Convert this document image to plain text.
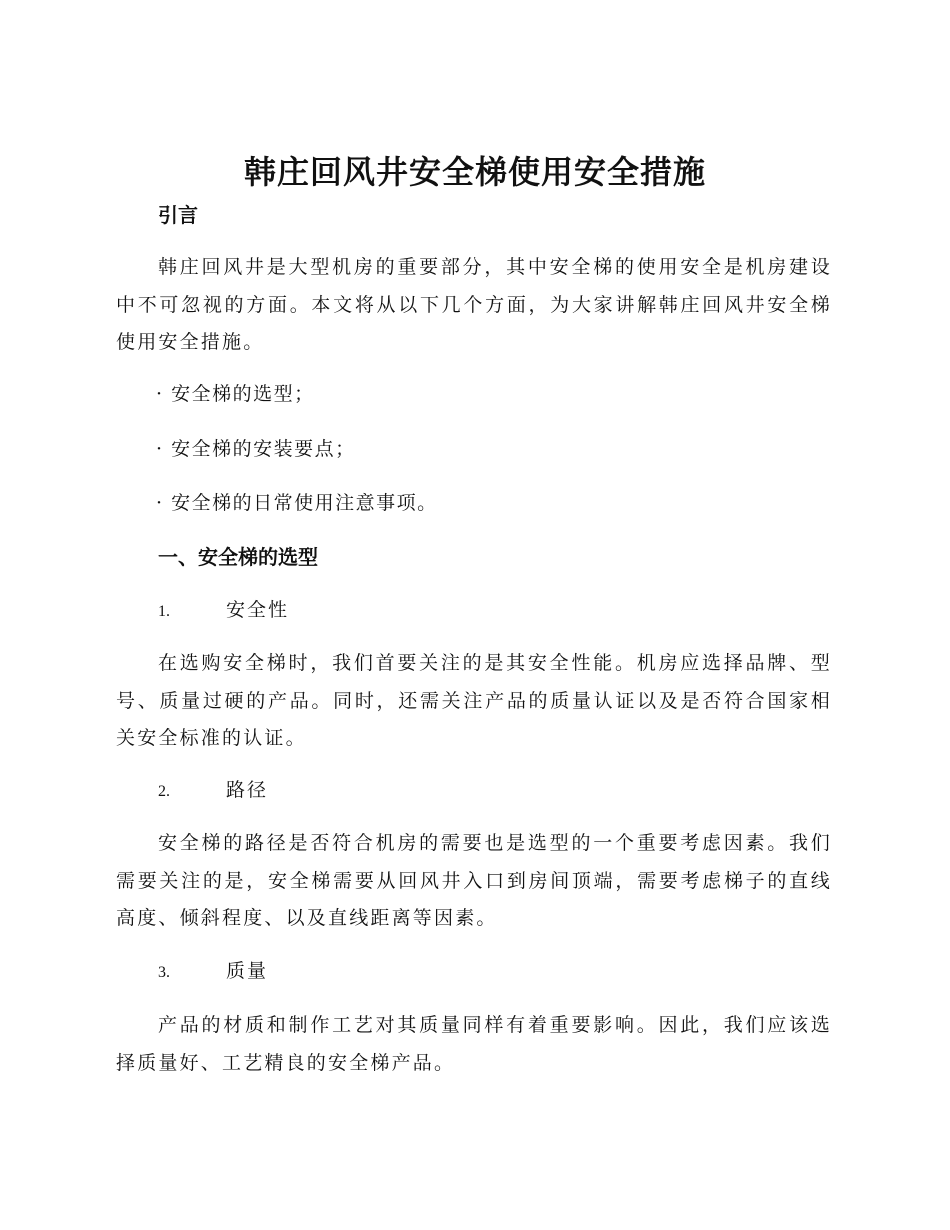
韩庄回风井安全梯使用安全措施
引言

韩庄回风井是大型机房的重要部分，其中安全梯的使用安全是机房建设中不可忽视的方面。本文将从以下几个方面，为大家讲解韩庄回风井安全梯使用安全措施。

· 安全梯的选型；
· 安全梯的安装要点；
· 安全梯的日常使用注意事项。
一、安全梯的选型
1.	安全性

在选购安全梯时，我们首要关注的是其安全性能。机房应选择品牌、型号、质量过硬的产品。同时，还需关注产品的质量认证以及是否符合国家相关安全标准的认证。

2.	路径

安全梯的路径是否符合机房的需要也是选型的一个重要考虑因素。我们需要关注的是，安全梯需要从回风井入口到房间顶端，需要考虑梯子的直线高度、倾斜程度、以及直线距离等因素。

3.	质量

产品的材质和制作工艺对其质量同样有着重要影响。因此，我们应该选择质量好、工艺精良的安全梯产品。
